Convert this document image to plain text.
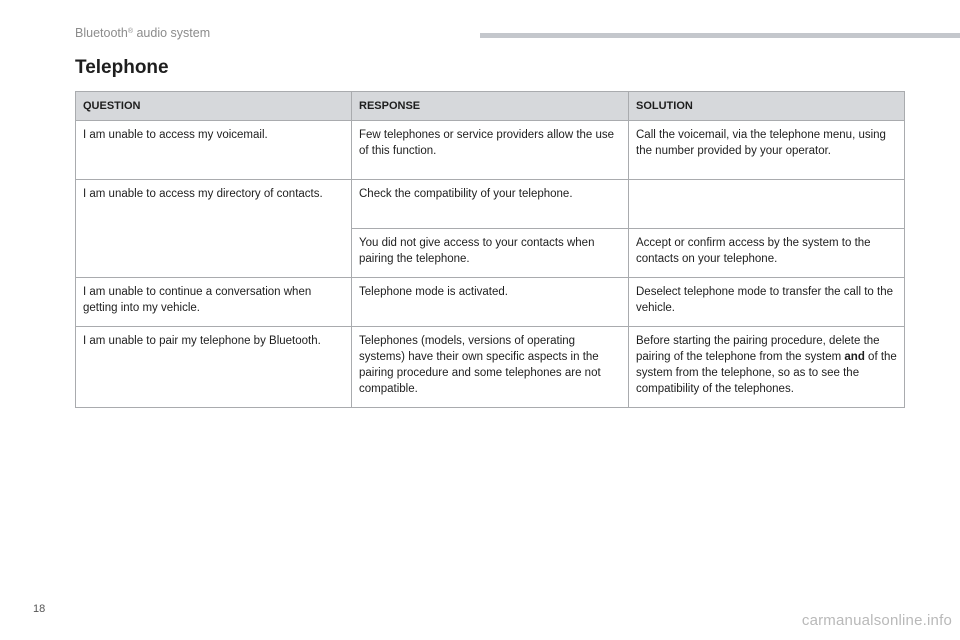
Bluetooth® audio system
Telephone
QUESTION	RESPONSE	SOLUTION
I am unable to access my voicemail.	Few telephones or service providers allow the use of this function.	Call the voicemail, via the telephone menu, using the number provided by your operator.
I am unable to access my directory of contacts.	Check the compatibility of your telephone.	
	You did not give access to your contacts when pairing the telephone.	Accept or confirm access by the system to the contacts on your telephone.
I am unable to continue a conversation when getting into my vehicle.	Telephone mode is activated.	Deselect telephone mode to transfer the call to the vehicle.
I am unable to pair my telephone by Bluetooth.	Telephones (models, versions of operating systems) have their own specific aspects in the pairing procedure and some telephones are not compatible.	Before starting the pairing procedure, delete the pairing of the telephone from the system and of the system from the telephone, so as to see the compatibility of the telephones.
18
carmanualsonline.info
